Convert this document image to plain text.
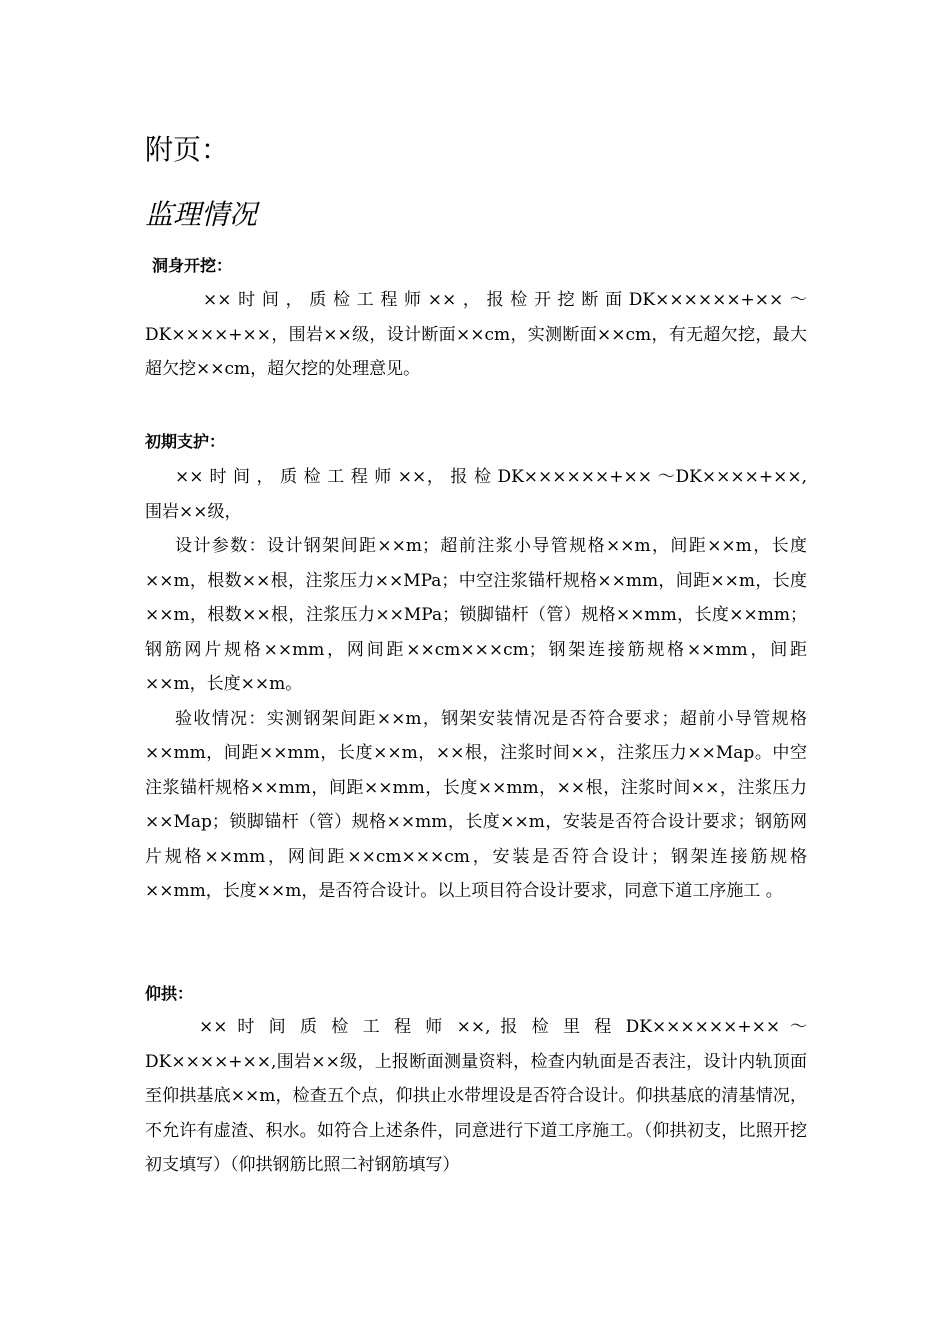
附页：
监理情况
洞身开挖：

××时间，质检工程师××，报检开挖断面DK××××××+××～DK××××+××，围岩××级，设计断面××cm，实测断面××cm，有无超欠挖，最大超欠挖××cm，超欠挖的处理意见。

初期支护：

×× 时 间 ， 质 检 工 程 师 ××， 报 检 DK××××××+×× ～DK××××+××,围岩××级，

设计参数：设计钢架间距××m；超前注浆小导管规格××m，间距××m，长度××m，根数××根，注浆压力××MPa；中空注浆锚杆规格××mm，间距××m，长度××m，根数××根，注浆压力××MPa；锁脚锚杆（管）规格××mm，长度××mm；钢筋网片规格××mm，网间距××cm×××cm；钢架连接筋规格××mm，间距××m，长度××m。

验收情况：实测钢架间距××m，钢架安装情况是否符合要求；超前小导管规格××mm，间距××mm，长度××m，××根，注浆时间××，注浆压力××Map。中空注浆锚杆规格××mm，间距××mm，长度××mm，××根，注浆时间××，注浆压力××Map；锁脚锚杆（管）规格××mm，长度××m，安装是否符合设计要求；钢筋网片规格××mm，网间距××cm×××cm，安装是否符合设计；钢架连接筋规格××mm，长度××m，是否符合设计。以上项目符合设计要求，同意下道工序施工 。

仰拱：

×× 时 间 质 检 工 程 师 ××, 报 检 里 程 DK××××××+×× ～DK××××+××,围岩××级，上报断面测量资料，检查内轨面是否表注，设计内轨顶面至仰拱基底××m，检查五个点，仰拱止水带埋设是否符合设计。仰拱基底的清基情况，不允许有虚渣、积水。如符合上述条件，同意进行下道工序施工。（仰拱初支，比照开挖初支填写）（仰拱钢筋比照二衬钢筋填写）
